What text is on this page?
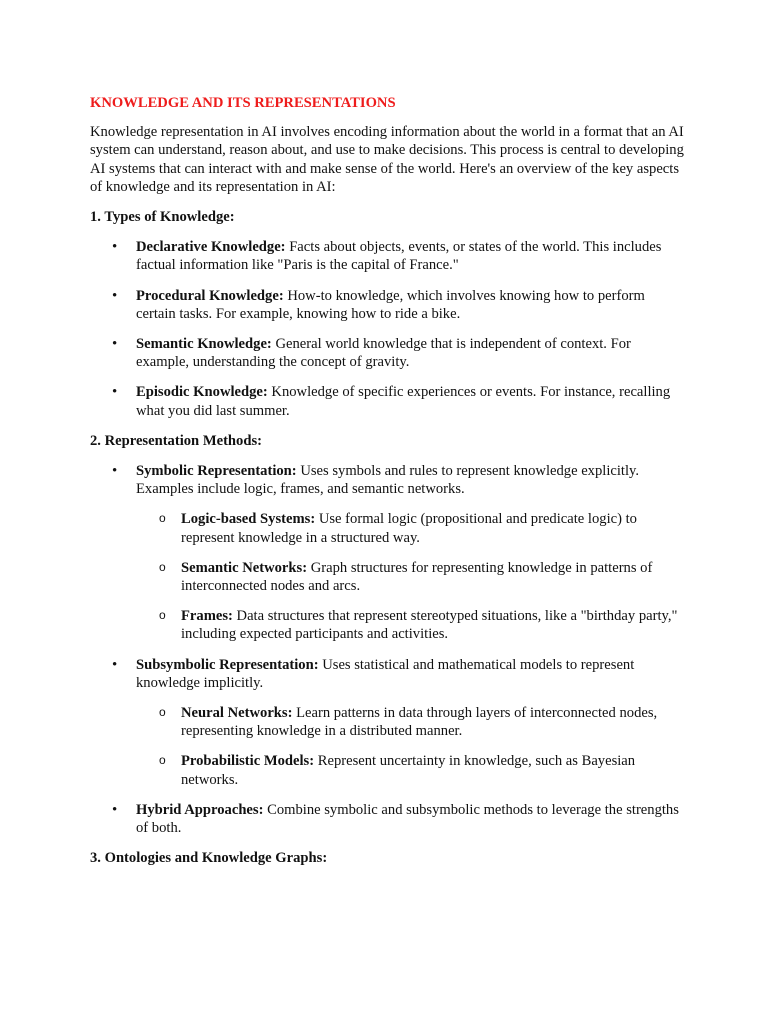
KNOWLEDGE AND ITS REPRESENTATIONS

Knowledge representation in AI involves encoding information about the world in a format that an AI system can understand, reason about, and use to make decisions. This process is central to developing AI systems that can interact with and make sense of the world. Here's an overview of the key aspects of knowledge and its representation in AI:

1. Types of Knowledge:
• Declarative Knowledge: Facts about objects, events, or states of the world. This includes factual information like "Paris is the capital of France."
• Procedural Knowledge: How-to knowledge, which involves knowing how to perform certain tasks. For example, knowing how to ride a bike.
• Semantic Knowledge: General world knowledge that is independent of context. For example, understanding the concept of gravity.
• Episodic Knowledge: Knowledge of specific experiences or events. For instance, recalling what you did last summer.
2. Representation Methods:
• Symbolic Representation: Uses symbols and rules to represent knowledge explicitly. Examples include logic, frames, and semantic networks.
o Logic-based Systems: Use formal logic (propositional and predicate logic) to represent knowledge in a structured way.
o Semantic Networks: Graph structures for representing knowledge in patterns of interconnected nodes and arcs.
o Frames: Data structures that represent stereotyped situations, like a "birthday party," including expected participants and activities.
• Subsymbolic Representation: Uses statistical and mathematical models to represent knowledge implicitly.
o Neural Networks: Learn patterns in data through layers of interconnected nodes, representing knowledge in a distributed manner.
o Probabilistic Models: Represent uncertainty in knowledge, such as Bayesian networks.
• Hybrid Approaches: Combine symbolic and subsymbolic methods to leverage the strengths of both.
3. Ontologies and Knowledge Graphs:
